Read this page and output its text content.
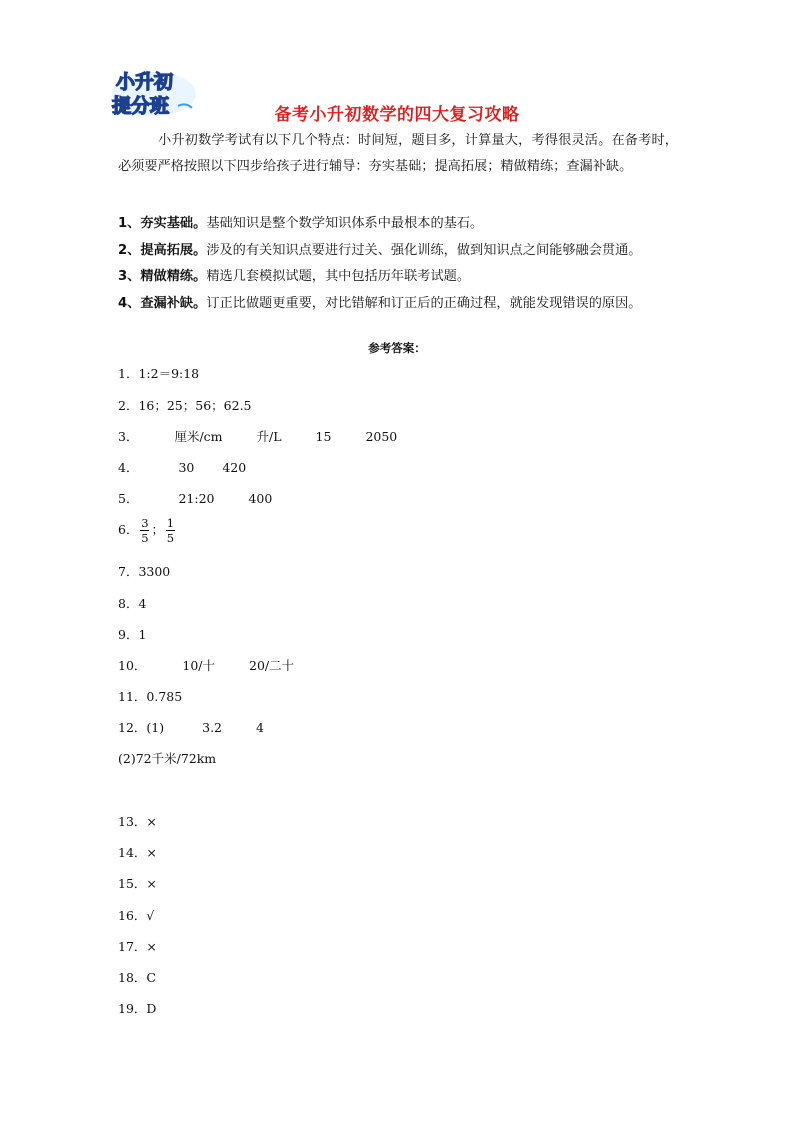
小升初
提分班	备考小升初数学的四大复习攻略
小升初数学考试有以下几个特点：时间短，题目多，计算量大，考得很灵活。在备考时，必须要严格按照以下四步给孩子进行辅导：夯实基础；提高拓展；精做精练；查漏补缺。
1、夯实基础。基础知识是整个数学知识体系中最根本的基石。
2、提高拓展。涉及的有关知识点要进行过关、强化训练，做到知识点之间能够融会贯通。
3、精做精练。精选几套模拟试题，其中包括历年联考试题。
4、查漏补缺。订正比做题更重要，对比错解和订正后的正确过程，就能发现错误的原因。
参考答案：
1．1:2＝9:18
2．16；25；56；62.5
3．	厘米/cm	升/L	15	2050
4．	30 420
5．	21:20	400
6． $\frac{3}{5}$ ； $\frac{1}{5}$
7．3300
8．4
9．1
10．	10/十	20/二十
11．0.785
12．(1)	3.2	4
(2)72千米/72km
13．×
14．×
15．×
16．√
17．×
18．C
19．D
